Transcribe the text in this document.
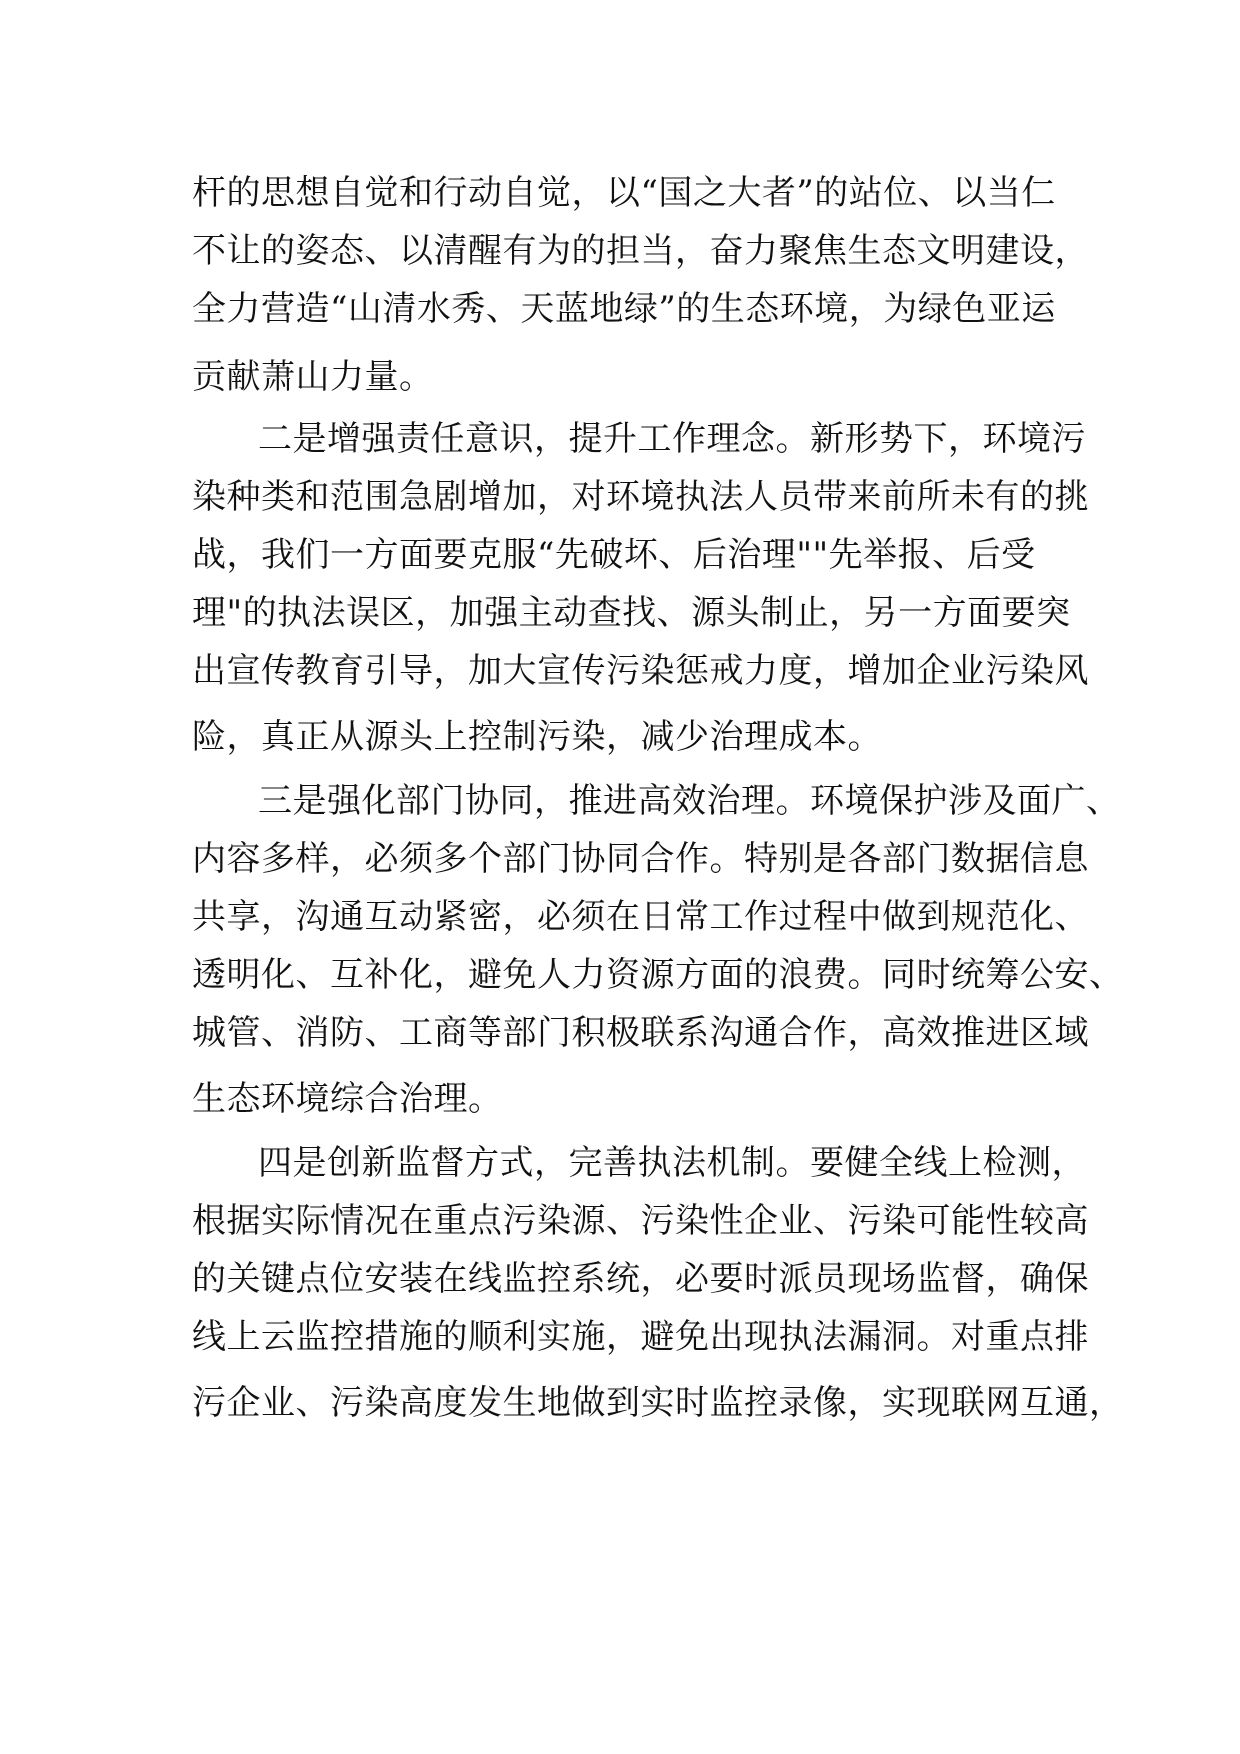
杆的思想自觉和行动自觉，以“国之大者”的站位、以当仁
不让的姿态、以清醒有为的担当，奋力聚焦生态文明建设，
全力营造“山清水秀、天蓝地绿”的生态环境，为绿色亚运
贡献萧山力量。
二是增强责任意识，提升工作理念。新形势下，环境污
染种类和范围急剧增加，对环境执法人员带来前所未有的挑
战，我们一方面要克服“先破坏、后治理""先举报、后受
理"的执法误区，加强主动查找、源头制止，另一方面要突
出宣传教育引导，加大宣传污染惩戒力度，增加企业污染风
险，真正从源头上控制污染，减少治理成本。
三是强化部门协同，推进高效治理。环境保护涉及面广、
内容多样，必须多个部门协同合作。特别是各部门数据信息
共享，沟通互动紧密，必须在日常工作过程中做到规范化、
透明化、互补化，避免人力资源方面的浪费。同时统筹公安、
城管、消防、工商等部门积极联系沟通合作，高效推进区域
生态环境综合治理。
四是创新监督方式，完善执法机制。要健全线上检测，
根据实际情况在重点污染源、污染性企业、污染可能性较高
的关键点位安装在线监控系统，必要时派员现场监督，确保
线上云监控措施的顺利实施，避免出现执法漏洞。对重点排
污企业、污染高度发生地做到实时监控录像，实现联网互通，
